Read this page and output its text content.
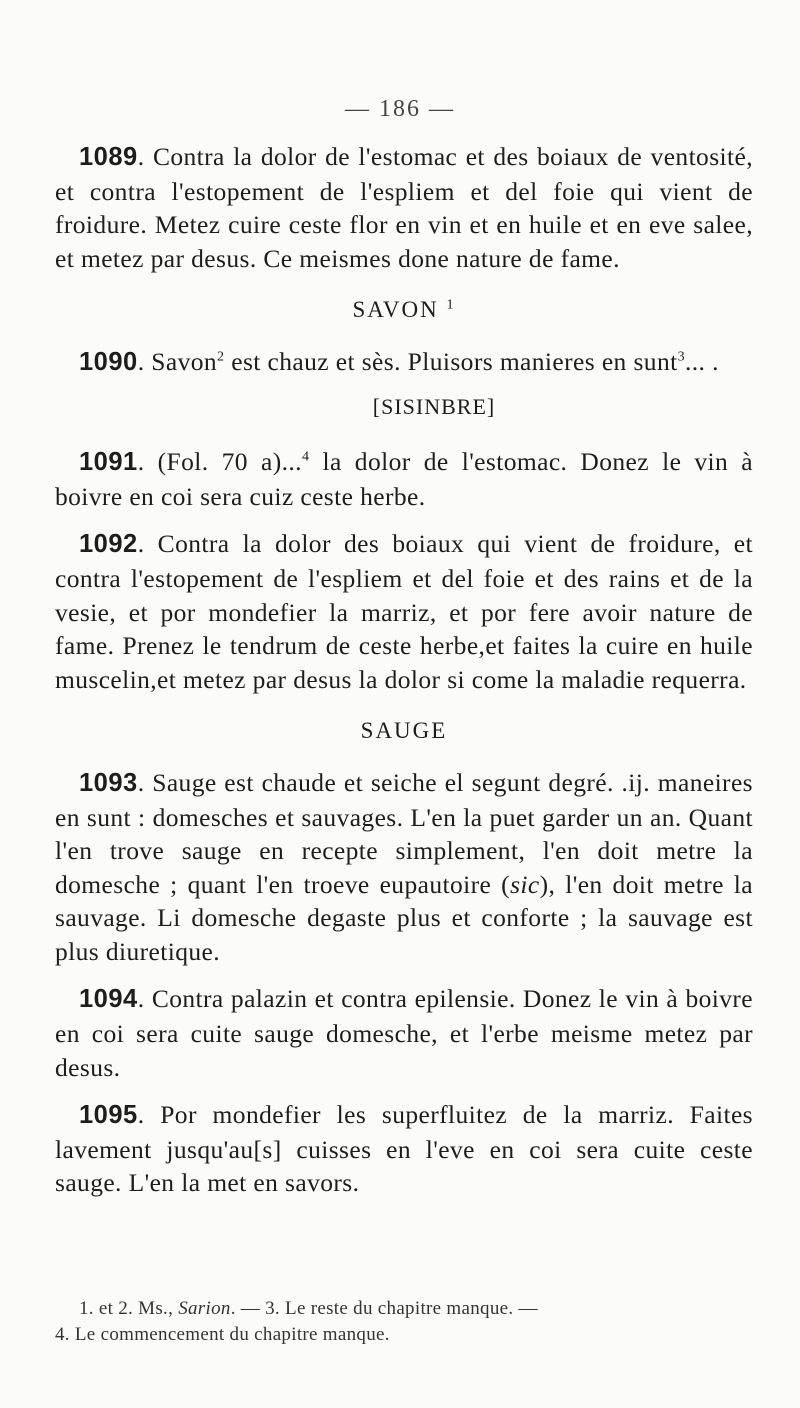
— 186 —

1089. Contra la dolor de l'estomac et des boiaux de ventosité, et contra l'estopement de l'espliem et del foie qui vient de froidure. Metez cuire ceste flor en vin et en huile et en eve salee, et metez par desus. Ce meismes done nature de fame.

SAVON $^1$

1090. Savon$^2$ est chauz et sès. Pluisors manieres en sunt$^3$... .

[SISINBRE]

1091. (Fol. 70 a)...$^4$ la dolor de l'estomac. Donez le vin à boivre en coi sera cuiz ceste herbe.

1092. Contra la dolor des boiaux qui vient de froidure, et contra l'estopement de l'espliem et del foie et des rains et de la vesie, et por mondefier la marriz, et por fere avoir nature de fame. Prenez le tendrum de ceste herbe,et faites la cuire en huile muscelin,et metez par desus la dolor si come la maladie requerra.

SAUGE

1093. Sauge est chaude et seiche el segunt degré. .ij. maneires en sunt : domesches et sauvages. L'en la puet garder un an. Quant l'en trove sauge en recepte simplement, l'en doit metre la domesche ; quant l'en troeve eupautoire (sic), l'en doit metre la sauvage. Li domesche degaste plus et conforte ; la sauvage est plus diuretique.

1094. Contra palazin et contra epilensie. Donez le vin à boivre en coi sera cuite sauge domesche, et l'erbe meisme metez par desus.

1095. Por mondefier les superfluitez de la marriz. Faites lavement jusqu'au[s] cuisses en l'eve en coi sera cuite ceste sauge. L'en la met en savors.

1. et 2. Ms., Sarion. — 3. Le reste du chapitre manque. —
4. Le commencement du chapitre manque.
